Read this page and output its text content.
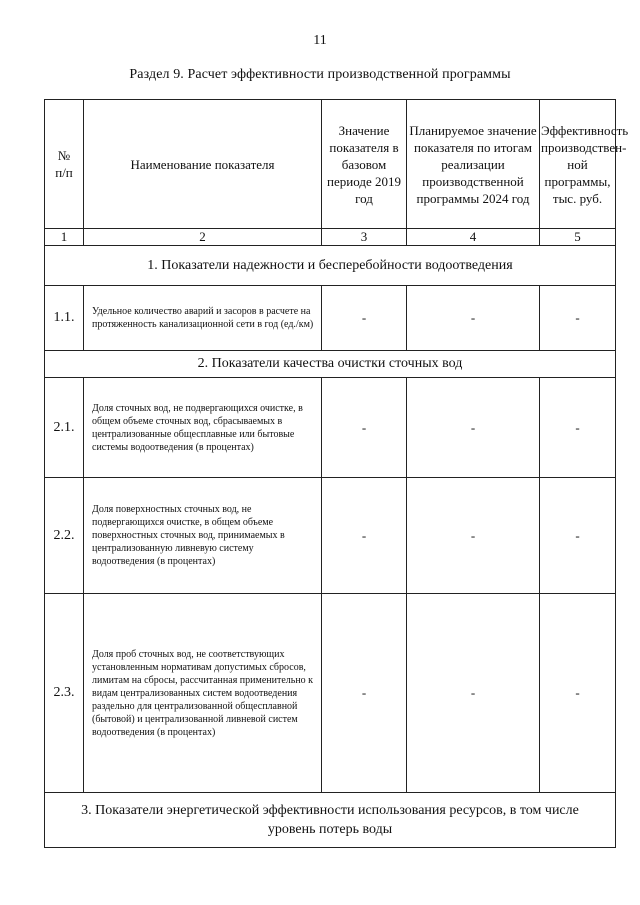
11
Раздел 9. Расчет эффективности производственной программы
№ п/п	Наименование показателя	Значение показателя в базовом периоде 2019 год	Планируемое значение показателя по итогам реализации производственной программы 2024 год	Эффективность производствен-ной программы, тыс. руб.
1	2	3	4	5
1. Показатели надежности и бесперебойности водоотведения				
1.1.	Удельное количество аварий и засоров в расчете на протяженность канализационной сети в год (ед./км)	-	-	-
2. Показатели качества очистки сточных вод				
2.1.	Доля сточных вод, не подвергающихся очистке, в общем объеме сточных вод, сбрасываемых в централизованные общесплавные или бытовые системы водоотведения (в процентах)	-	-	-
2.2.	Доля поверхностных сточных вод, не подвергающихся очистке, в общем объеме поверхностных сточных вод, принимаемых в централизованную ливневую систему водоотведения (в процентах)	-	-	-
2.3.	Доля проб сточных вод, не соответствующих установленным нормативам допустимых сбросов, лимитам на сбросы, рассчитанная применительно к видам централизованных систем водоотведения раздельно для централизованной общесплавной (бытовой) и централизованной ливневой систем водоотведения (в процентах)	-	-	-
3. Показатели энергетической эффективности использования ресурсов, в том числе уровень потерь воды				
